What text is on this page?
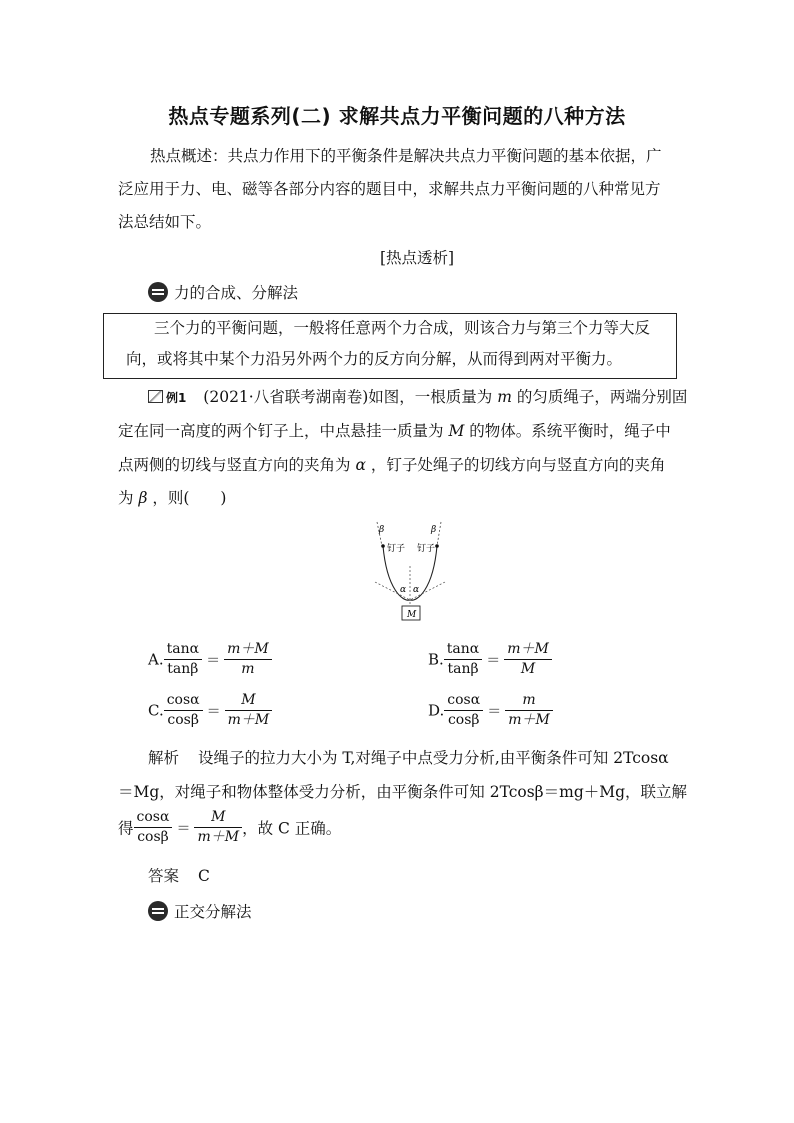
热点专题系列(二) 求解共点力平衡问题的八种方法
热点概述：共点力作用下的平衡条件是解决共点力平衡问题的基本依据，广
泛应用于力、电、磁等各部分内容的题目中，求解共点力平衡问题的八种常见方
法总结如下。
[热点透析]
力的合成、分解法
三个力的平衡问题，一般将任意两个力合成，则该合力与第三个力等大反
向，或将其中某个力沿另外两个力的反方向分解，从而得到两对平衡力。
例1 (2021·八省联考湖南卷)如图，一根质量为 m 的匀质绳子，两端分别固
定在同一高度的两个钉子上，中点悬挂一质量为 M 的物体。系统平衡时，绳子中
点两侧的切线与竖直方向的夹角为 α ，钉子处绳子的切线方向与竖直方向的夹角
为 β ，则(　　)
β	β
钉子 钉子
α α
M
A. $\frac{\tan\alpha}{\tan\beta} = \frac{m+M}{m}$	B. $\frac{\tan\alpha}{\tan\beta} = \frac{m+M}{M}$
C. $\frac{\cos\alpha}{\cos\beta} = \frac{M}{m+M}$	D. $\frac{\cos\alpha}{\cos\beta} = \frac{m}{m+M}$
解析 设绳子的拉力大小为 T,对绳子中点受力分析,由平衡条件可知 2Tcosα
＝Mg，对绳子和物体整体受力分析，由平衡条件可知 2Tcosβ＝mg＋Mg，联立解
得 $\frac{\cos\alpha}{\cos\beta} = \frac{M}{m+M}$ ，故 C 正确。
答案 C
正交分解法
